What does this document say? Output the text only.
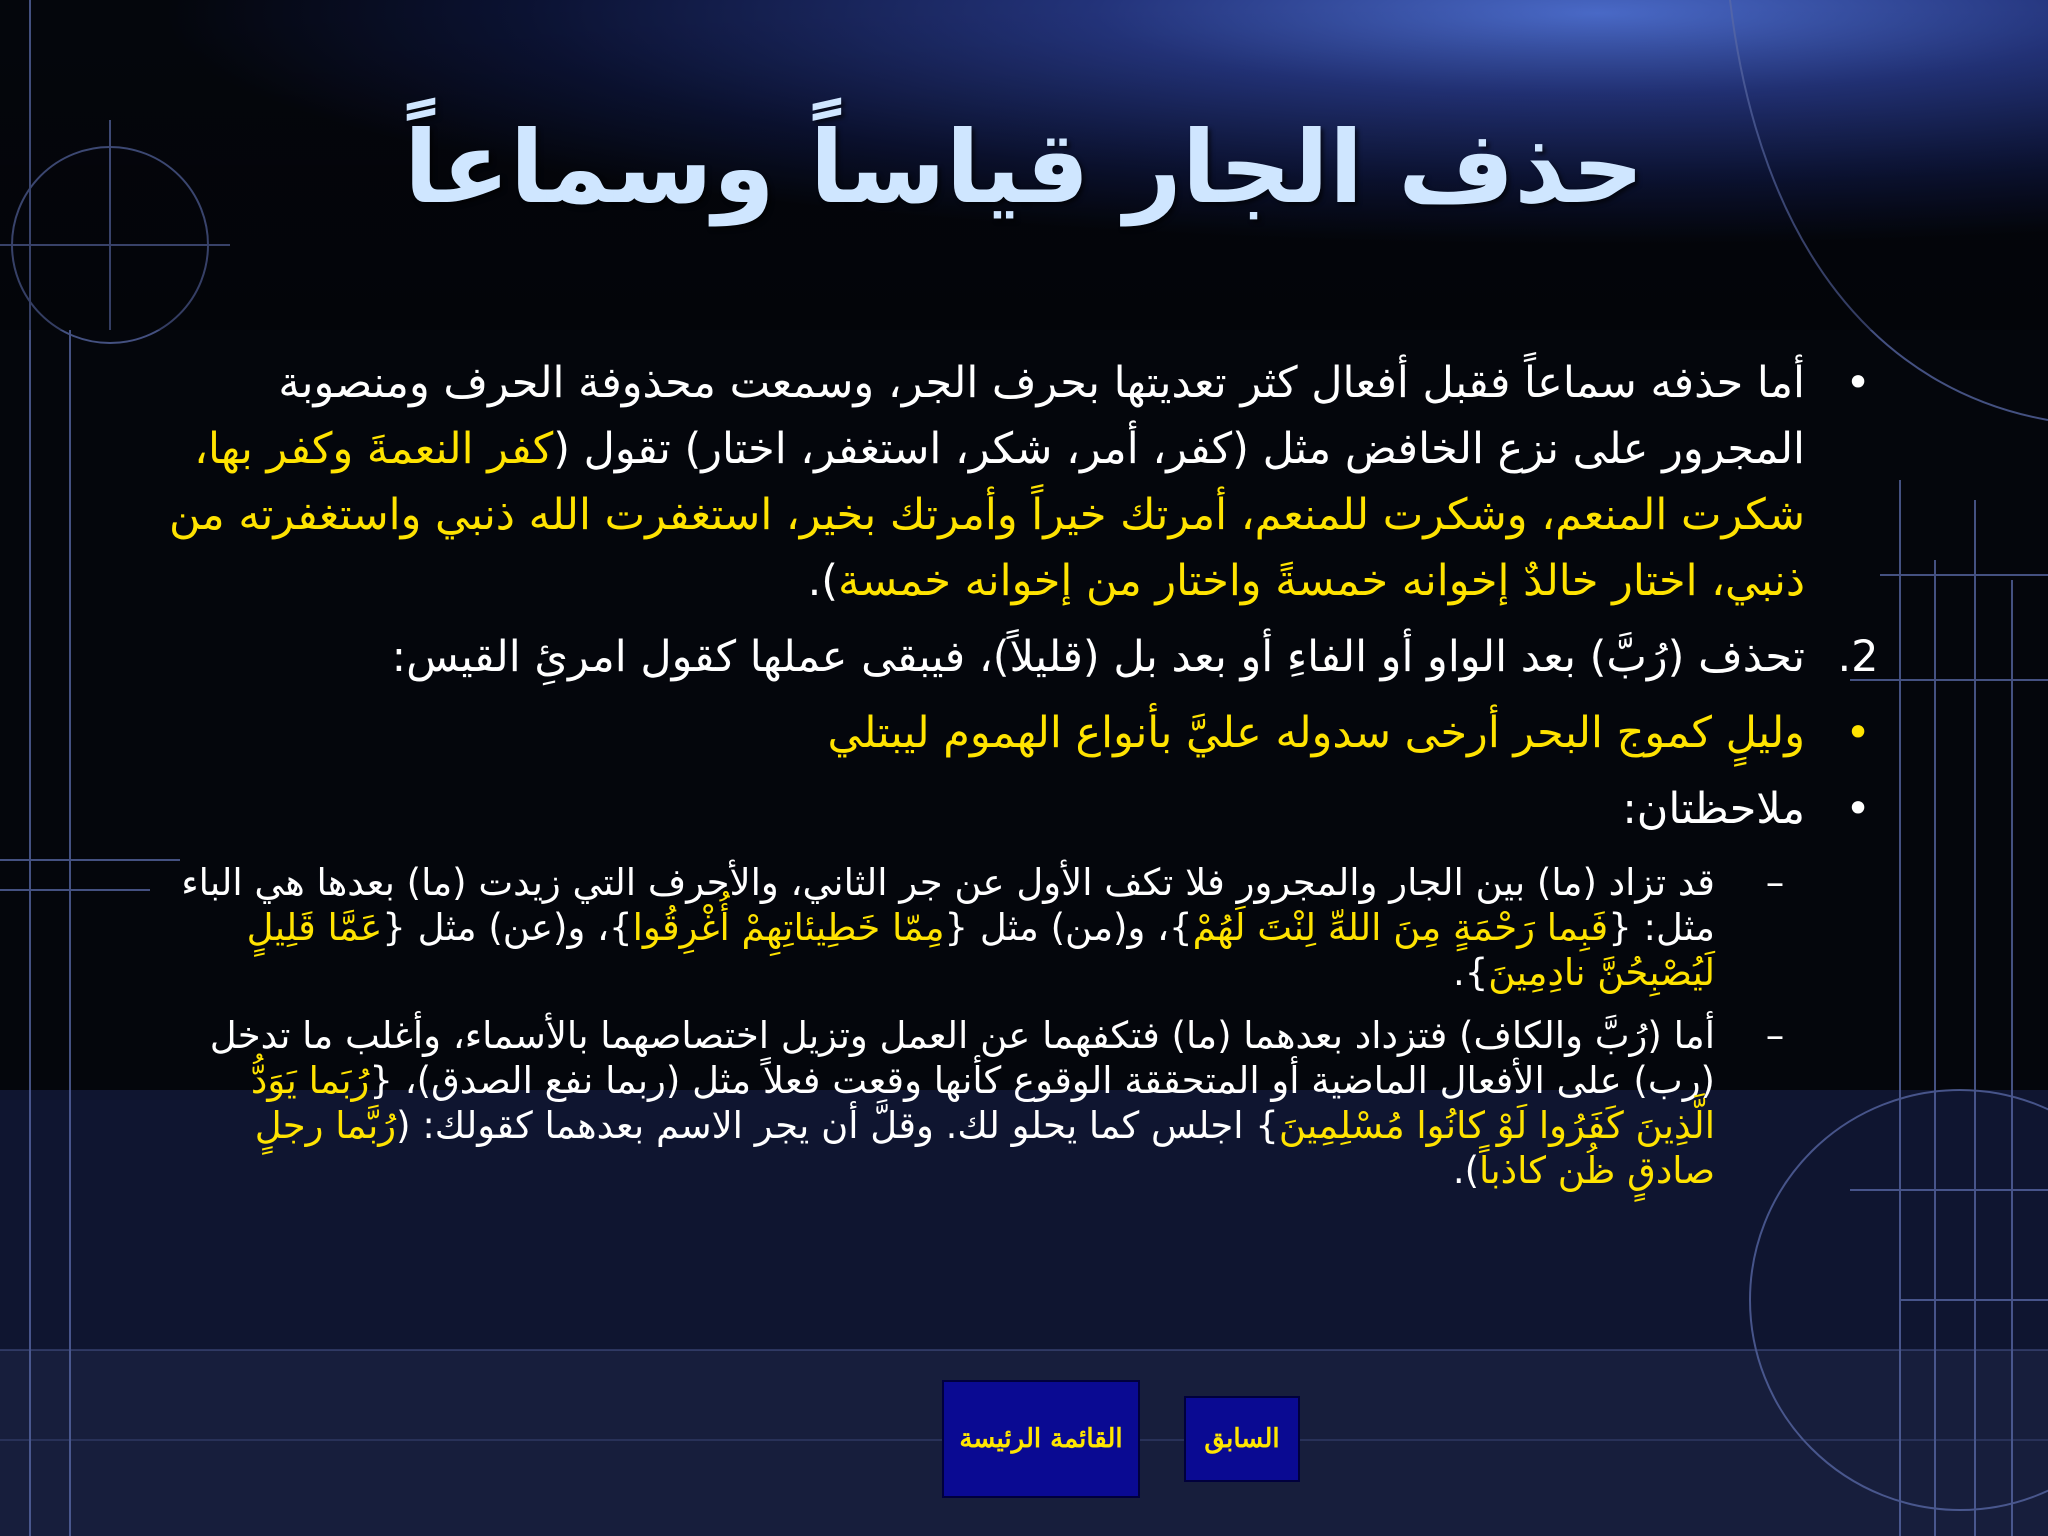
حذف الجار قياساً وسماعاً
•
أما حذفه سماعاً فقبل أفعال كثر تعديتها بحرف الجر، وسمعت محذوفة الحرف ومنصوبة المجرور على نزع الخافض مثل (كفر، أمر، شكر، استغفر، اختار) تقول (كفر النعمةَ وكفر بها، شكرت المنعم، وشكرت للمنعم، أمرتك خيراً وأمرتك بخير، استغفرت الله ذنبي واستغفرته من ذنبي، اختار خالدٌ إخوانه خمسةً واختار من إخوانه خمسة).
2.
تحذف (رُبَّ) بعد الواو أو الفاءِ أو بعد بل (قليلاً)، فيبقى عملها كقول امرئِ القيس:
•
وليلٍ كموج البحر أرخى سدوله عليَّ بأنواع الهموم ليبتلي
•
ملاحظتان:
–
قد تزاد (ما) بين الجار والمجرور فلا تكف الأول عن جر الثاني، والأحرف التي زيدت (ما) بعدها هي الباء مثل: {فَبِما رَحْمَةٍ مِنَ اللهِّ لِنْتَ لَهُمْ}، و(من) مثل {مِمّا خَطِيئاتِهِمْ أُغْرِقُوا}، و(عن) مثل {عَمَّا قَلِيلٍ لَيُصْبِحُنَّ نادِمِينَ}.
–
أما (رُبَّ والكاف) فتزداد بعدهما (ما) فتكفهما عن العمل وتزيل اختصاصهما بالأسماء، وأغلب ما تدخل (رب) على الأفعال الماضية أو المتحققة الوقوع كأنها وقعت فعلاً مثل (ربما نفع الصدق)، {رُبَما يَوَدُّ الَّذِينَ كَفَرُوا لَوْ كانُوا مُسْلِمِينَ} اجلس كما يحلو لك. وقلَّ أن يجر الاسم بعدهما كقولك: (رُبَّما رجلٍ صادقٍ ظُن كاذباً).
القائمة الرئيسة	السابق
